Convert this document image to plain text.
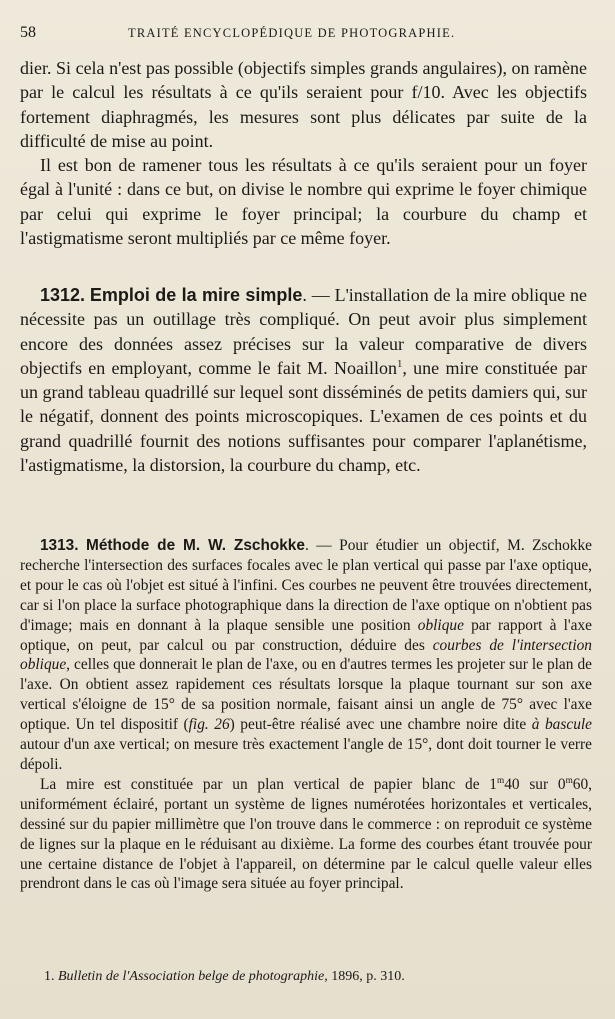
58	TRAITÉ ENCYCLOPÉDIQUE DE PHOTOGRAPHIE.

dier. Si cela n'est pas possible (objectifs simples grands angulaires), on ramène par le calcul les résultats à ce qu'ils seraient pour f/10. Avec les objectifs fortement diaphragmés, les mesures sont plus délicates par suite de la difficulté de mise au point.

Il est bon de ramener tous les résultats à ce qu'ils seraient pour un foyer égal à l'unité : dans ce but, on divise le nombre qui exprime le foyer chimique par celui qui exprime le foyer principal; la courbure du champ et l'astigmatisme seront multipliés par ce même foyer.

1312. Emploi de la mire simple. — L'installation de la mire oblique ne nécessite pas un outillage très compliqué. On peut avoir plus simplement encore des données assez précises sur la valeur comparative de divers objectifs en employant, comme le fait M. Noaillon$^1$, une mire constituée par un grand tableau quadrillé sur lequel sont disséminés de petits damiers qui, sur le négatif, donnent des points microscopiques. L'examen de ces points et du grand quadrillé fournit des notions suffisantes pour comparer l'aplanétisme, l'astigmatisme, la distorsion, la courbure du champ, etc.

1313. Méthode de M. W. Zschokke. — Pour étudier un objectif, M. Zschokke recherche l'intersection des surfaces focales avec le plan vertical qui passe par l'axe optique, et pour le cas où l'objet est situé à l'infini. Ces courbes ne peuvent être trouvées directement, car si l'on place la surface photographique dans la direction de l'axe optique on n'obtient pas d'image; mais en donnant à la plaque sensible une position oblique par rapport à l'axe optique, on peut, par calcul ou par construction, déduire des courbes de l'intersection oblique, celles que donnerait le plan de l'axe, ou en d'autres termes les projeter sur le plan de l'axe. On obtient assez rapidement ces résultats lorsque la plaque tournant sur son axe vertical s'éloigne de 15° de sa position normale, faisant ainsi un angle de 75° avec l'axe optique. Un tel dispositif (fig. 26) peut-être réalisé avec une chambre noire dite à bascule autour d'un axe vertical; on mesure très exactement l'angle de 15°, dont doit tourner le verre dépoli.

La mire est constituée par un plan vertical de papier blanc de 1$^m$40 sur 0$^m$60, uniformément éclairé, portant un système de lignes numérotées horizontales et verticales, dessiné sur du papier millimètre que l'on trouve dans le commerce : on reproduit ce système de lignes sur la plaque en le réduisant au dixième. La forme des courbes étant trouvée pour une certaine distance de l'objet à l'appareil, on détermine par le calcul quelle valeur elles prendront dans le cas où l'image sera située au foyer principal.

1. Bulletin de l'Association belge de photographie, 1896, p. 310.
